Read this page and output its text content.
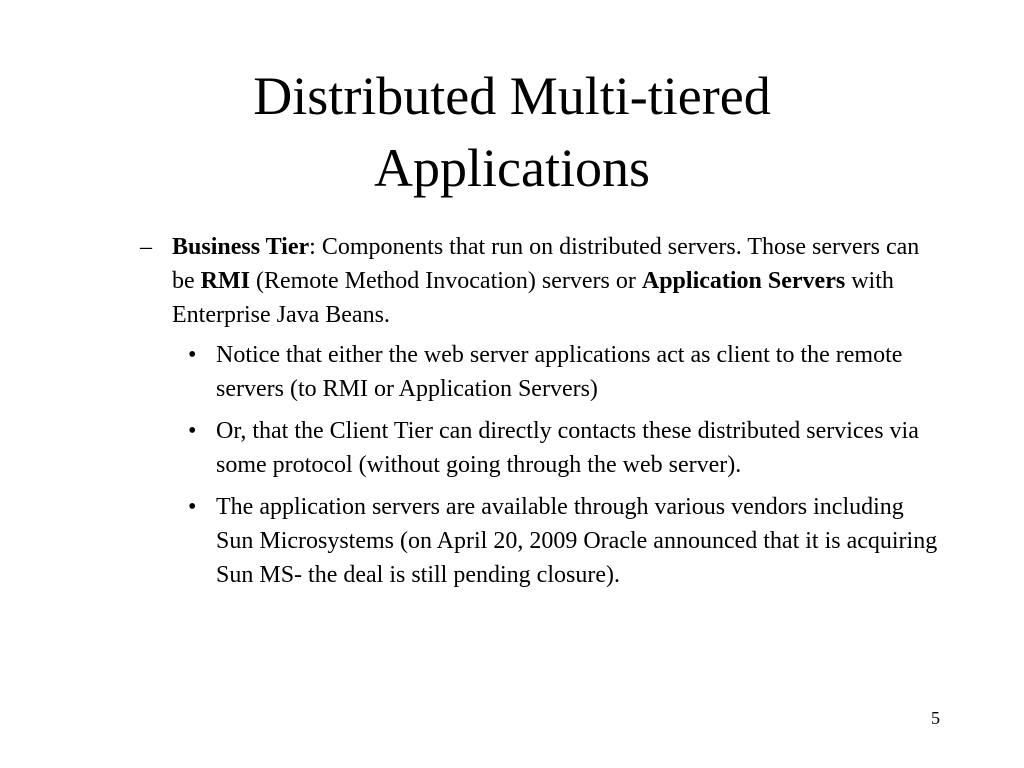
Distributed Multi-tiered
Applications
– Business Tier: Components that run on distributed servers. Those servers can be RMI (Remote Method Invocation) servers or Application Servers with Enterprise Java Beans.
• Notice that either the web server applications act as client to the remote servers (to RMI or Application Servers)
• Or, that the Client Tier can directly contacts these distributed services via some protocol (without going through the web server).
• The application servers are available through various vendors including Sun Microsystems (on April 20, 2009 Oracle announced that it is acquiring Sun MS- the deal is still pending closure).
5
